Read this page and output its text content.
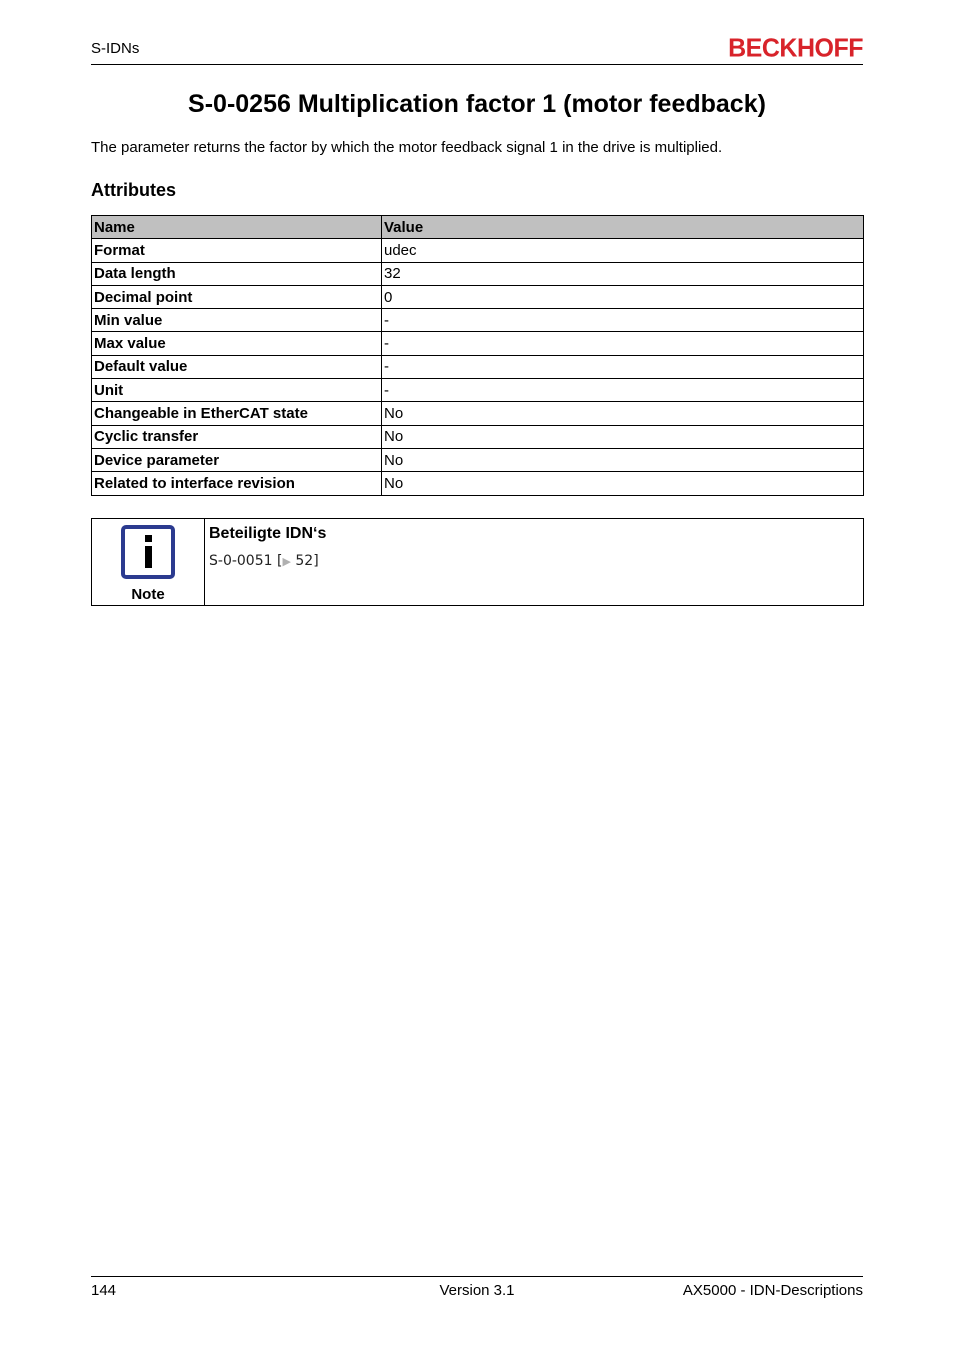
S-IDNs	BECKHOFF
S-0-0256 Multiplication factor 1 (motor feedback)

The parameter returns the factor by which the motor feedback signal 1 in the drive is multiplied.

Attributes
Name	Value
Format	udec
Data length	32
Decimal point	0
Min value	-
Max value	-
Default value	-
Unit	-
Changeable in EtherCAT state	No
Cyclic transfer	No
Device parameter	No
Related to interface revision	No
Note
Beteiligte IDN‘s
S-0-0051 [▶ 52]
144	Version 3.1	AX5000 - IDN-Descriptions
